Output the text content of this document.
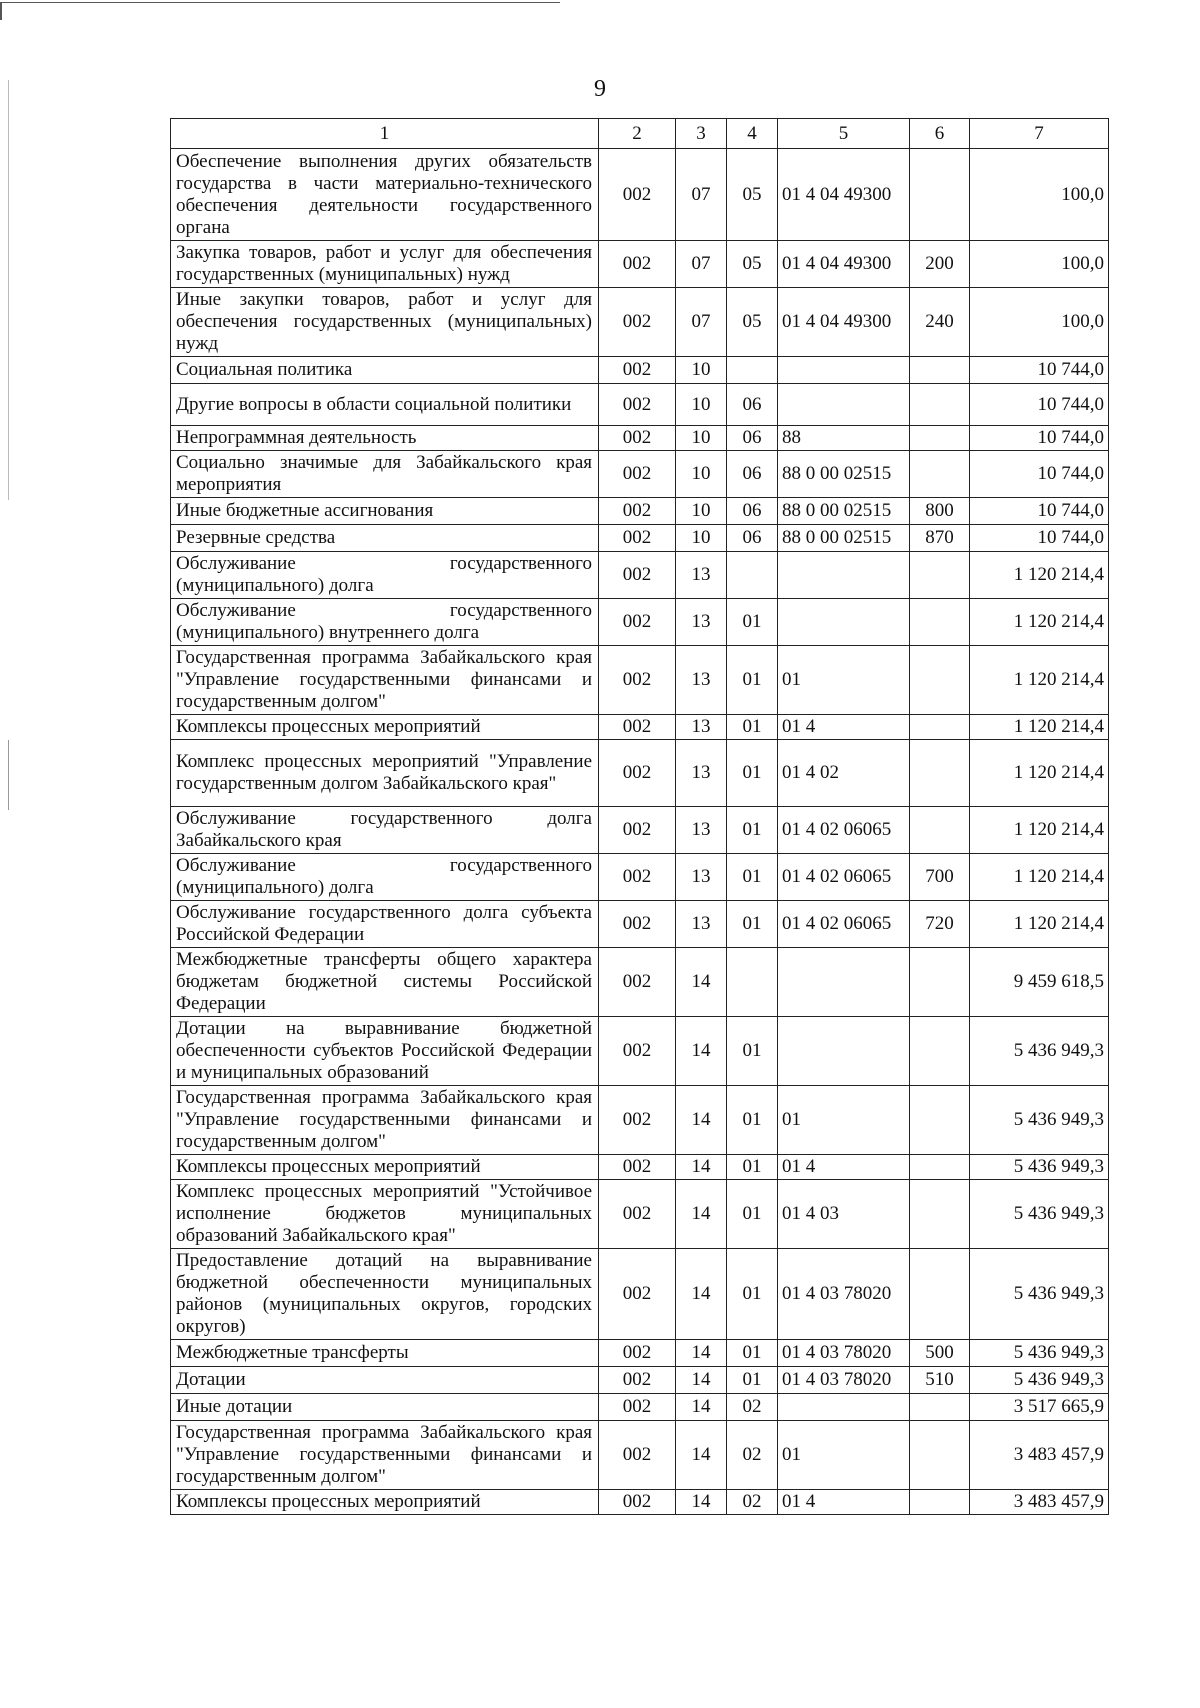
9
1	2	3	4	5	6	7
Обеспечение выполнения других обязательств государства в части материально-технического обеспечения деятельности государственного органа	002	07	05	01 4 04 49300		100,0
Закупка товаров, работ и услуг для обеспечения государственных (муниципальных) нужд	002	07	05	01 4 04 49300	200	100,0
Иные закупки товаров, работ и услуг для обеспечения государственных (муниципальных) нужд	002	07	05	01 4 04 49300	240	100,0
Социальная политика	002	10				10 744,0
Другие вопросы в области социальной политики	002	10	06			10 744,0
Непрограммная деятельность	002	10	06	88		10 744,0
Социально значимые для Забайкальского края мероприятия	002	10	06	88 0 00 02515		10 744,0
Иные бюджетные ассигнования	002	10	06	88 0 00 02515	800	10 744,0
Резервные средства	002	10	06	88 0 00 02515	870	10 744,0
Обслуживание государственного (муниципального) долга	002	13				1 120 214,4
Обслуживание государственного (муниципального) внутреннего долга	002	13	01			1 120 214,4
Государственная программа Забайкальского края "Управление государственными финансами и государственным долгом"	002	13	01	01		1 120 214,4
Комплексы процессных мероприятий	002	13	01	01 4		1 120 214,4
Комплекс процессных мероприятий "Управление государственным долгом Забайкальского края"	002	13	01	01 4 02		1 120 214,4
Обслуживание государственного долга Забайкальского края	002	13	01	01 4 02 06065		1 120 214,4
Обслуживание государственного (муниципального) долга	002	13	01	01 4 02 06065	700	1 120 214,4
Обслуживание государственного долга субъекта Российской Федерации	002	13	01	01 4 02 06065	720	1 120 214,4
Межбюджетные трансферты общего характера бюджетам бюджетной системы Российской Федерации	002	14				9 459 618,5
Дотации на выравнивание бюджетной обеспеченности субъектов Российской Федерации и муниципальных образований	002	14	01			5 436 949,3
Государственная программа Забайкальского края "Управление государственными финансами и государственным долгом"	002	14	01	01		5 436 949,3
Комплексы процессных мероприятий	002	14	01	01 4		5 436 949,3
Комплекс процессных мероприятий "Устойчивое исполнение бюджетов муниципальных образований Забайкальского края"	002	14	01	01 4 03		5 436 949,3
Предоставление дотаций на выравнивание бюджетной обеспеченности муниципальных районов (муниципальных округов, городских округов)	002	14	01	01 4 03 78020		5 436 949,3
Межбюджетные трансферты	002	14	01	01 4 03 78020	500	5 436 949,3
Дотации	002	14	01	01 4 03 78020	510	5 436 949,3
Иные дотации	002	14	02			3 517 665,9
Государственная программа Забайкальского края "Управление государственными финансами и государственным долгом"	002	14	02	01		3 483 457,9
Комплексы процессных мероприятий	002	14	02	01 4		3 483 457,9
